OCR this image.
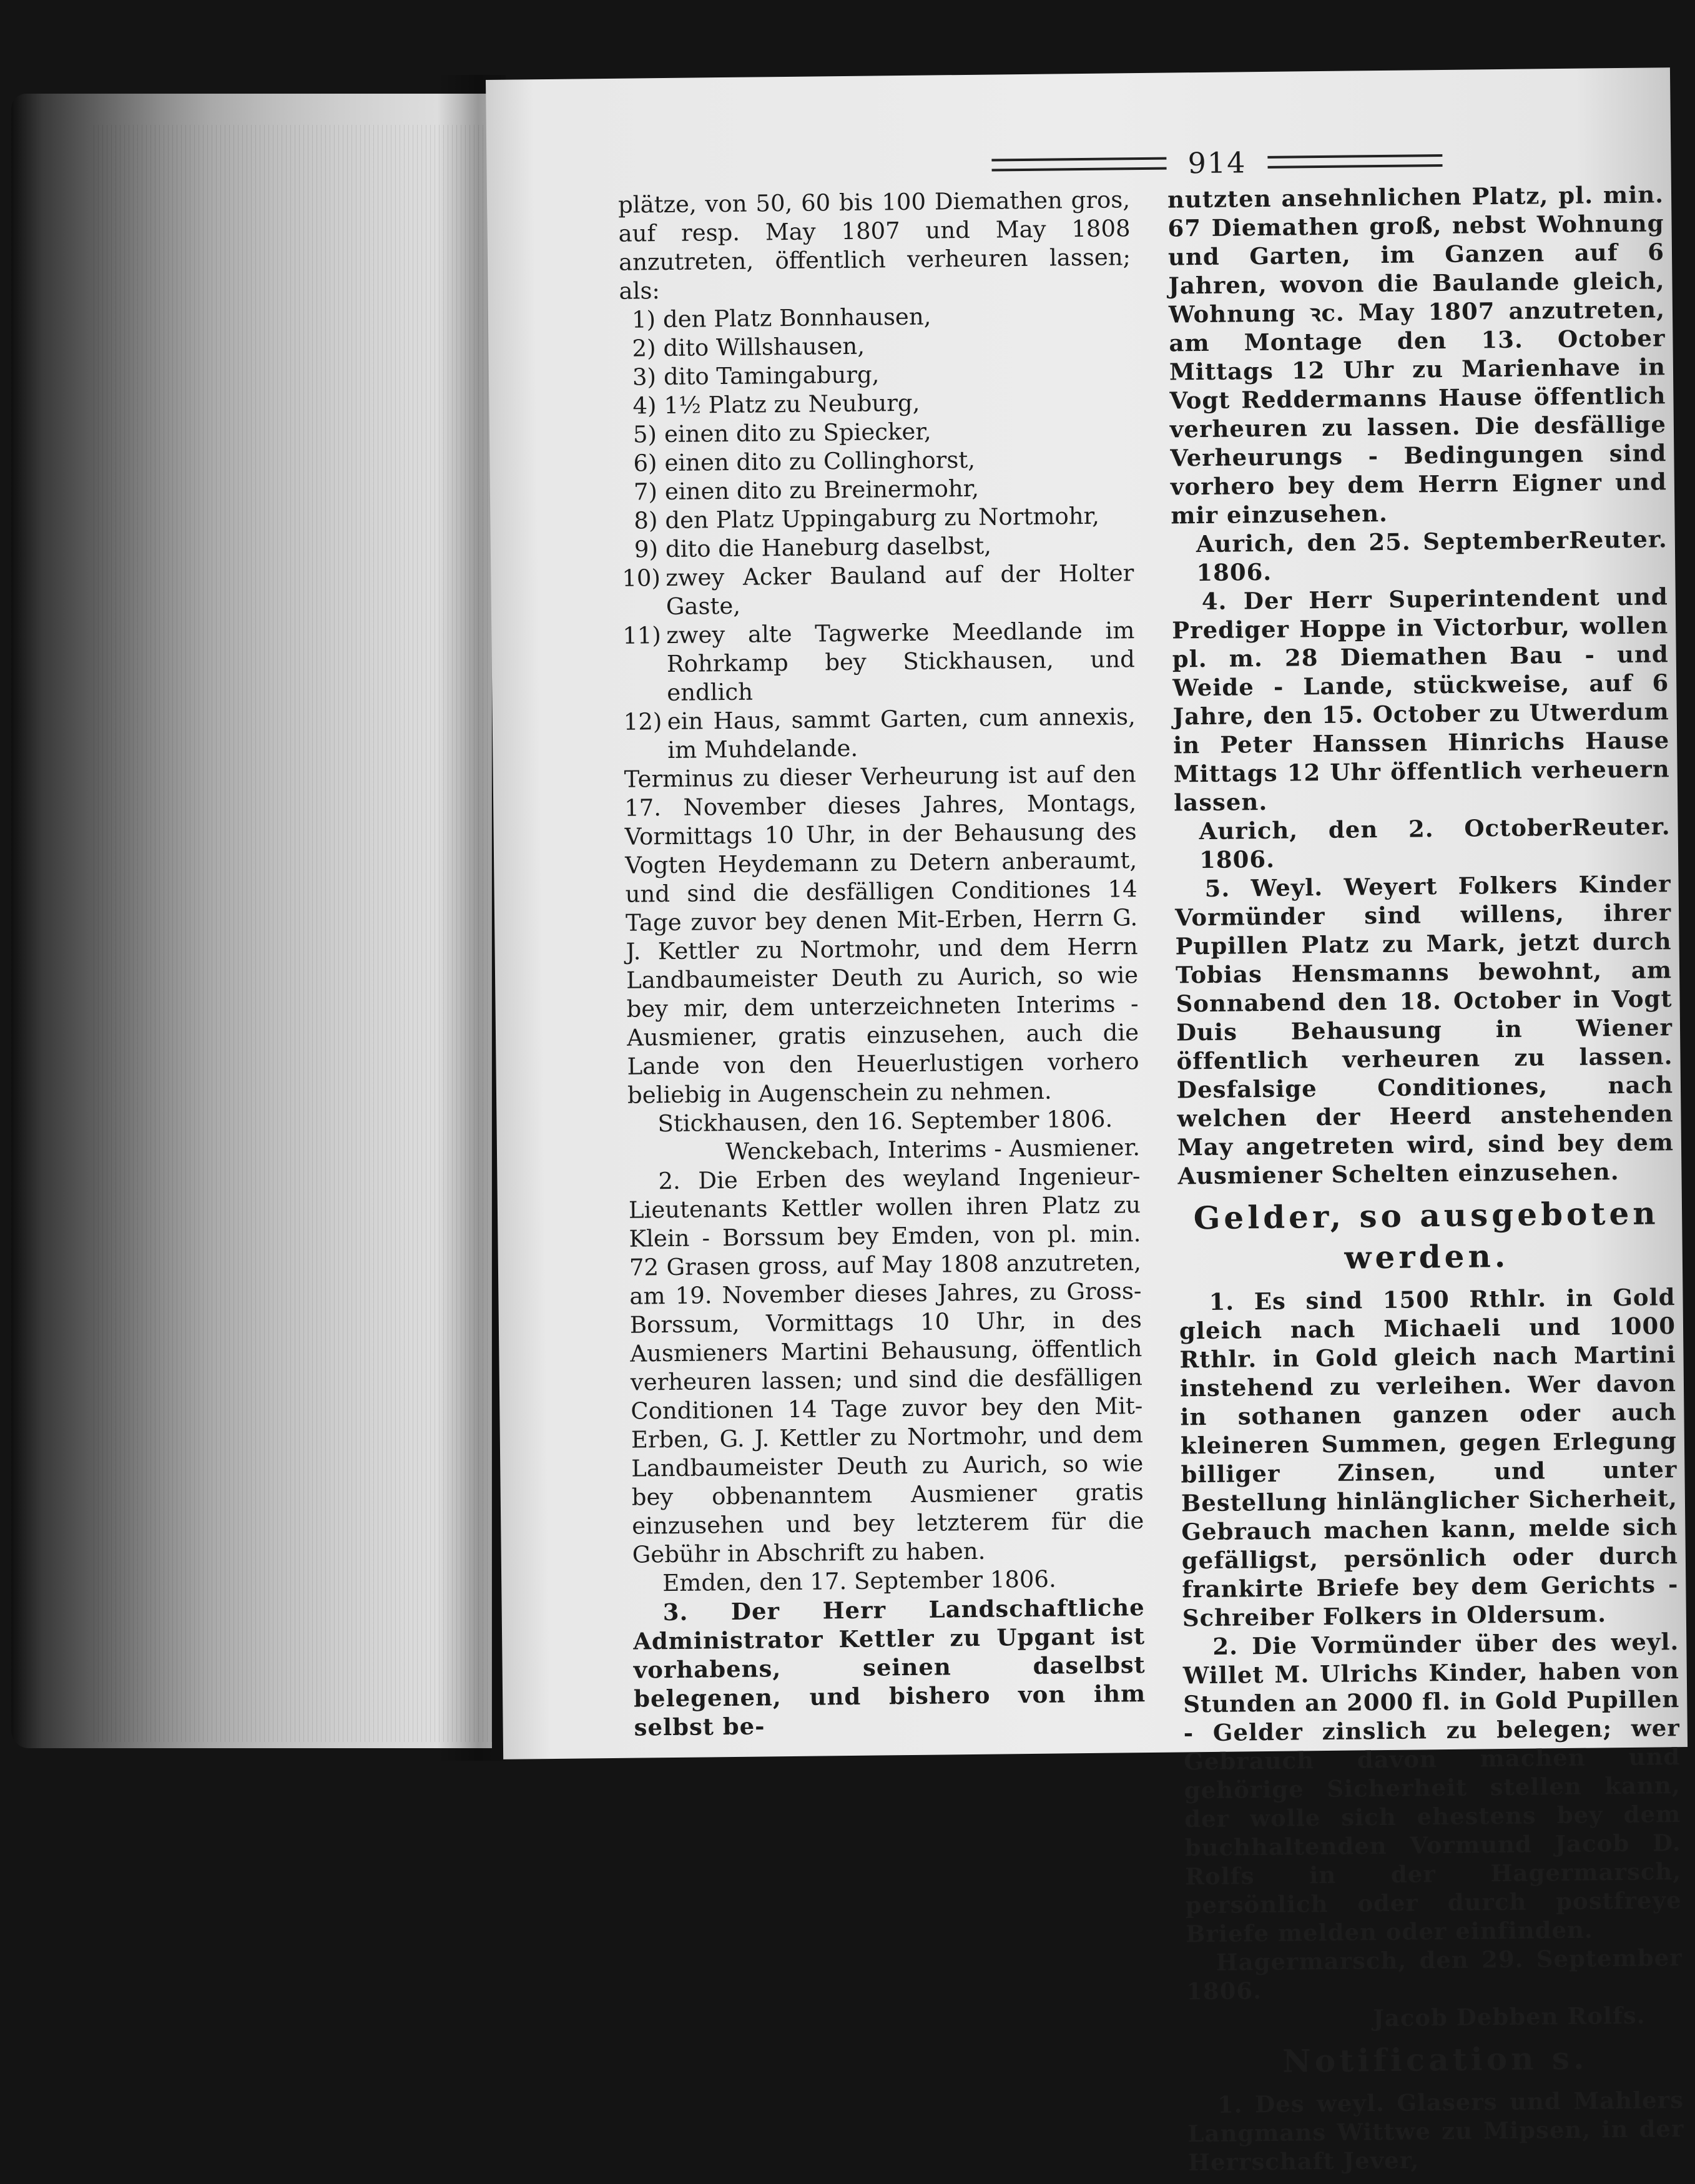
914

plätze, von 50, 60 bis 100 Diemathen gros, auf resp. May 1807 und May 1808 anzutreten, öffentlich verheuren lassen; als:

1) den Platz Bonnhausen,
2) dito Willshausen,
3) dito Tamingaburg,
4) 1½ Platz zu Neuburg,
5) einen dito zu Spiecker,
6) einen dito zu Collinghorst,
7) einen dito zu Breinermohr,
8) den Platz Uppingaburg zu Nortmohr,
9) dito die Haneburg daselbst,
10) zwey Acker Bauland auf der Holter Gaste,
11) zwey alte Tagwerke Meedlande im Rohrkamp bey Stickhausen, und endlich
12) ein Haus, sammt Garten, cum annexis, im Muhdelande.

Terminus zu dieser Verheurung ist auf den 17. November dieses Jahres, Montags, Vormittags 10 Uhr, in der Behausung des Vogten Heydemann zu Detern anberaumt, und sind die desfälligen Conditiones 14 Tage zuvor bey denen Mit-Erben, Herrn G. J. Kettler zu Nortmohr, und dem Herrn Landbaumeister Deuth zu Aurich, so wie bey mir, dem unterzeichneten Interims - Ausmiener, gratis einzusehen, auch die Lande von den Heuerlustigen vorhero beliebig in Augenschein zu nehmen.

Stickhausen, den 16. September 1806.

Wenckebach, Interims - Ausmiener.

2. Die Erben des weyland Ingenieur-Lieutenants Kettler wollen ihren Platz zu Klein - Borssum bey Emden, von pl. min. 72 Grasen gross, auf May 1808 anzutreten, am 19. November dieses Jahres, zu Gross-Borssum, Vormittags 10 Uhr, in des Ausmieners Martini Behausung, öffentlich verheuren lassen; und sind die desfälligen Conditionen 14 Tage zuvor bey den Mit-Erben, G. J. Kettler zu Nortmohr, und dem Landbaumeister Deuth zu Aurich, so wie bey obbenanntem Ausmiener gratis einzusehen und bey letzterem für die Gebühr in Abschrift zu haben.

Emden, den 17. September 1806.

3. Der Herr Landschaftliche Administrator Kettler zu Upgant ist vorhabens, seinen daselbst belegenen, und bishero von ihm selbst be-

nutzten ansehnlichen Platz, pl. min. 67 Diemathen groß, nebst Wohnung und Garten, im Ganzen auf 6 Jahren, wovon die Baulande gleich, Wohnung ꝛc. May 1807 anzutreten, am Montage den 13. October Mittags 12 Uhr zu Marienhave in Vogt Reddermanns Hause öffentlich verheuren zu lassen. Die desfällige Verheurungs - Bedingungen sind vorhero bey dem Herrn Eigner und mir einzusehen.

Aurich, den 25. September 1806.
Reuter.

4. Der Herr Superintendent und Prediger Hoppe in Victorbur, wollen pl. m. 28 Diemathen Bau - und Weide - Lande, stückweise, auf 6 Jahre, den 15. October zu Utwerdum in Peter Hanssen Hinrichs Hause Mittags 12 Uhr öffentlich verheuern lassen.

Aurich, den 2. October 1806.
Reuter.

5. Weyl. Weyert Folkers Kinder Vormünder sind willens, ihrer Pupillen Platz zu Mark, jetzt durch Tobias Hensmanns bewohnt, am Sonnabend den 18. October in Vogt Duis Behausung in Wiener öffentlich verheuren zu lassen. Desfalsige Conditiones, nach welchen der Heerd anstehenden May angetreten wird, sind bey dem Ausmiener Schelten einzusehen.

Gelder, so ausgeboten werden.

1. Es sind 1500 Rthlr. in Gold gleich nach Michaeli und 1000 Rthlr. in Gold gleich nach Martini instehend zu verleihen. Wer davon in sothanen ganzen oder auch kleineren Summen, gegen Erlegung billiger Zinsen, und unter Bestellung hinlänglicher Sicherheit, Gebrauch machen kann, melde sich gefälligst, persönlich oder durch frankirte Briefe bey dem Gerichts - Schreiber Folkers in Oldersum.

2. Die Vormünder über des weyl. Willet M. Ulrichs Kinder, haben von Stunden an 2000 fl. in Gold Pupillen - Gelder zinslich zu belegen; wer Gebrauch davon machen und gehörige Sicherheit stellen kann, der wolle sich ehestens bey dem buchhaltenden Vormund Jacob D. Rolfs in der Hagermarsch, persönlich oder durch postfreye Briefe melden oder einfinden.

Hagermarsch, den 29. September 1806.

Jacob Debben Rolfs.

Notification s.

1. Des weyl. Glasers und Mahlers Langmans Wittwe zu Mipsen, in der Herrschaft Jever,
